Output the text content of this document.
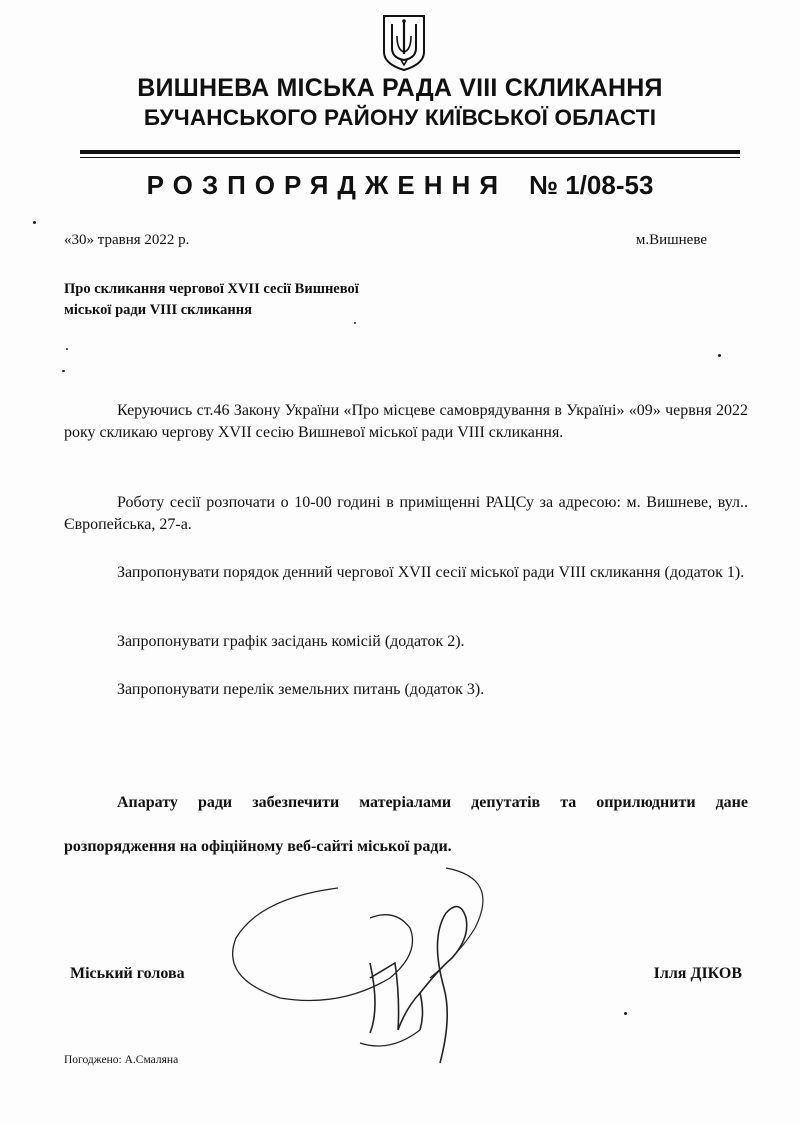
ВИШНЕВА МІСЬКА РАДА VIII СКЛИКАННЯ
БУЧАНСЬКОГО РАЙОНУ КИЇВСЬКОЇ ОБЛАСТІ
РОЗПОРЯДЖЕННЯ № 1/08-53
«30» травня 2022 р.	м.Вишневе
Про скликання чергової XVII сесії Вишневої
міської ради VIII скликання
Керуючись ст.46 Закону України «Про місцеве самоврядування в Україні» «09» червня 2022 року скликаю чергову XVII сесію Вишневої міської ради VIII скликання.
Роботу сесії розпочати о 10-00 годині в приміщенні РАЦСу за адресою: м. Вишневе, вул.. Європейська, 27-а.
Запропонувати порядок денний чергової XVII сесії міської ради VIII скликання (додаток 1).
Запропонувати графік засідань комісій (додаток 2).
Запропонувати перелік земельних питань (додаток 3).
Апарату ради забезпечити матеріалами депутатів та оприлюднити дане розпорядження на офіційному веб-сайті міської ради.
Міський голова	Ілля ДІКОВ
Погоджено: А.Смаляна
